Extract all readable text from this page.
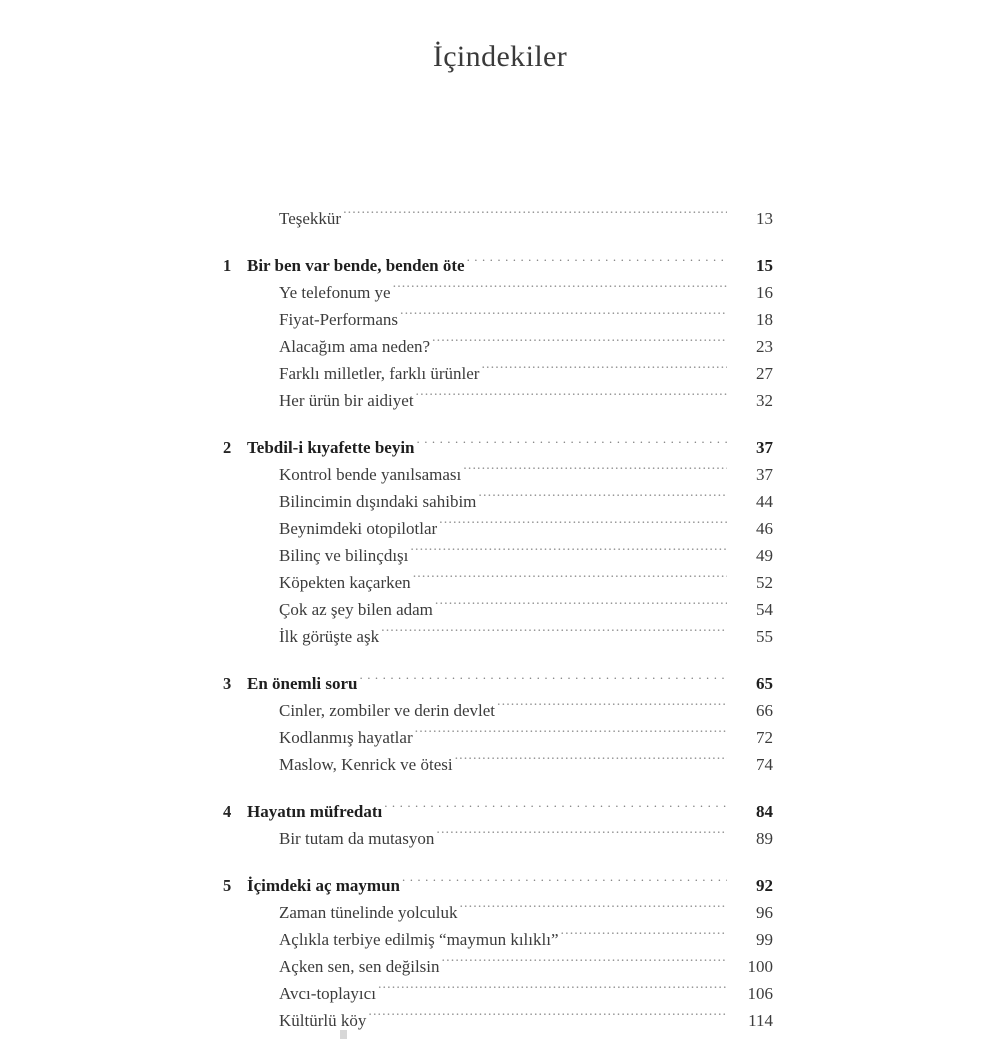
İçindekiler
Teşekkür . . .	13
1 Bir ben var bende, benden öte . . .	15
Ye telefonum ye . . .	16
Fiyat-Performans . . .	18
Alacağım ama neden? . . .	23
Farklı milletler, farklı ürünler . . .	27
Her ürün bir aidiyet . . .	32
2 Tebdil-i kıyafette beyin . . .	37
Kontrol bende yanılsaması . . .	37
Bilincimin dışındaki sahibim . . .	44
Beynimdeki otopilotlar . . .	46
Bilinç ve bilinçdışı . . .	49
Köpekten kaçarken . . .	52
Çok az şey bilen adam . . .	54
İlk görüşte aşk . . .	55
3 En önemli soru . . .	65
Cinler, zombiler ve derin devlet . . .	66
Kodlanmış hayatlar . . .	72
Maslow, Kenrick ve ötesi . . .	74
4 Hayatın müfredatı . . .	84
Bir tutam da mutasyon . . .	89
5 İçimdeki aç maymun . . .	92
Zaman tünelinde yolculuk . . .	96
Açlıkla terbiye edilmiş “maymun kılıklı” . . .	99
Açken sen, sen değilsin . . .	100
Avcı-toplayıcı . . .	106
Kültürlü köy . . .	114
